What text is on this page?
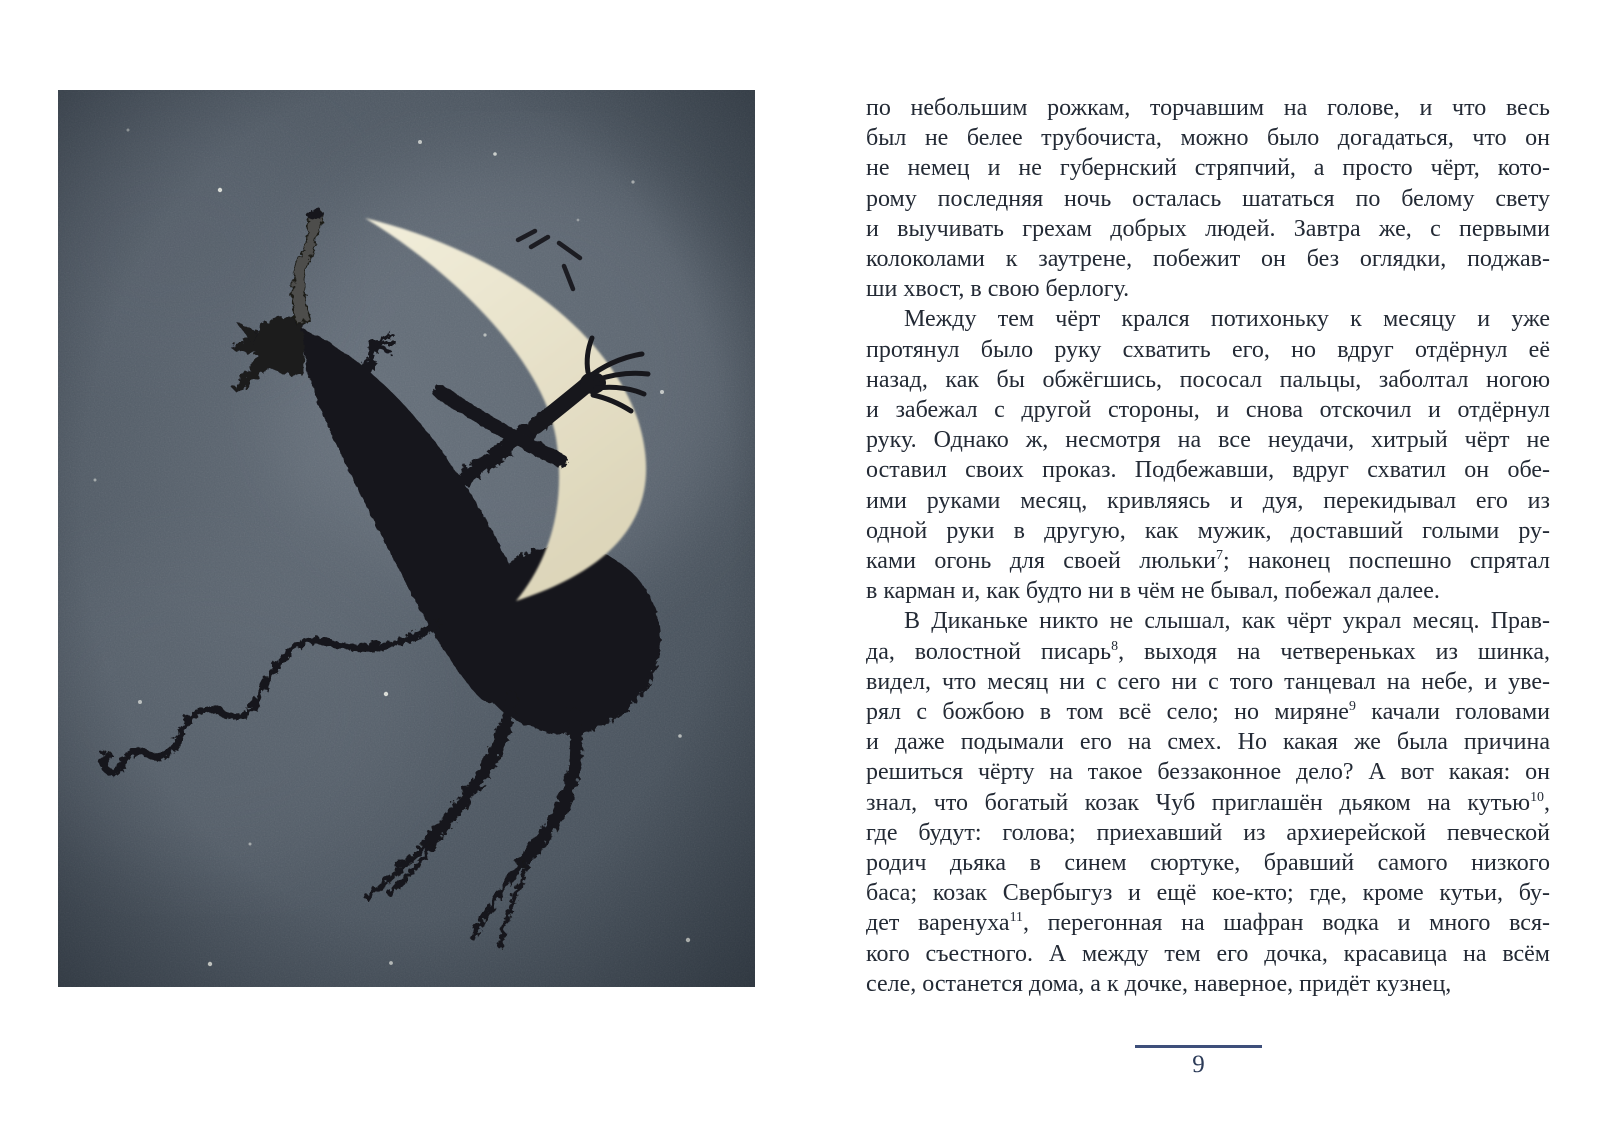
по небольшим рожкам, торчавшим на голове, и что весь
был не белее трубочиста, можно было догадаться, что он
не немец и не губернский стряпчий, а просто чёрт, кото-
рому последняя ночь осталась шататься по белому свету
и выучивать грехам добрых людей. Завтра же, с первыми
колоколами к заутрене, побежит он без оглядки, поджав-
ши хвост, в свою берлогу.
Между тем чёрт крался потихоньку к месяцу и уже
протянул было руку схватить его, но вдруг отдёрнул её
назад, как бы обжёгшись, пососал пальцы, заболтал ногою
и забежал с другой стороны, и снова отскочил и отдёрнул
руку. Однако ж, несмотря на все неудачи, хитрый чёрт не
оставил своих проказ. Подбежавши, вдруг схватил он обе-
ими руками месяц, кривляясь и дуя, перекидывал его из
одной руки в другую, как мужик, доставший голыми ру-
ками огонь для своей люльки$^7$; наконец поспешно спрятал
в карман и, как будто ни в чём не бывал, побежал далее.
В Диканьке никто не слышал, как чёрт украл месяц. Прав-
да, волостной писарь$^8$, выходя на четвереньках из шинка,
видел, что месяц ни с сего ни с того танцевал на небе, и уве-
рял с божбою в том всё село; но миряне$^9$ качали головами
и даже подымали его на смех. Но какая же была причина
решиться чёрту на такое беззаконное дело? А вот какая: он
знал, что богатый козак Чуб приглашён дьяком на кутью$^{10}$,
где будут: голова; приехавший из архиерейской певческой
родич дьяка в синем сюртуке, бравший самого низкого
баса; козак Свербыгуз и ещё кое-кто; где, кроме кутьи, бу-
дет варенуха$^{11}$, перегонная на шафран водка и много вся-
кого съестного. А между тем его дочка, красавица на всём
селе, останется дома, а к дочке, наверное, придёт кузнец,
9
